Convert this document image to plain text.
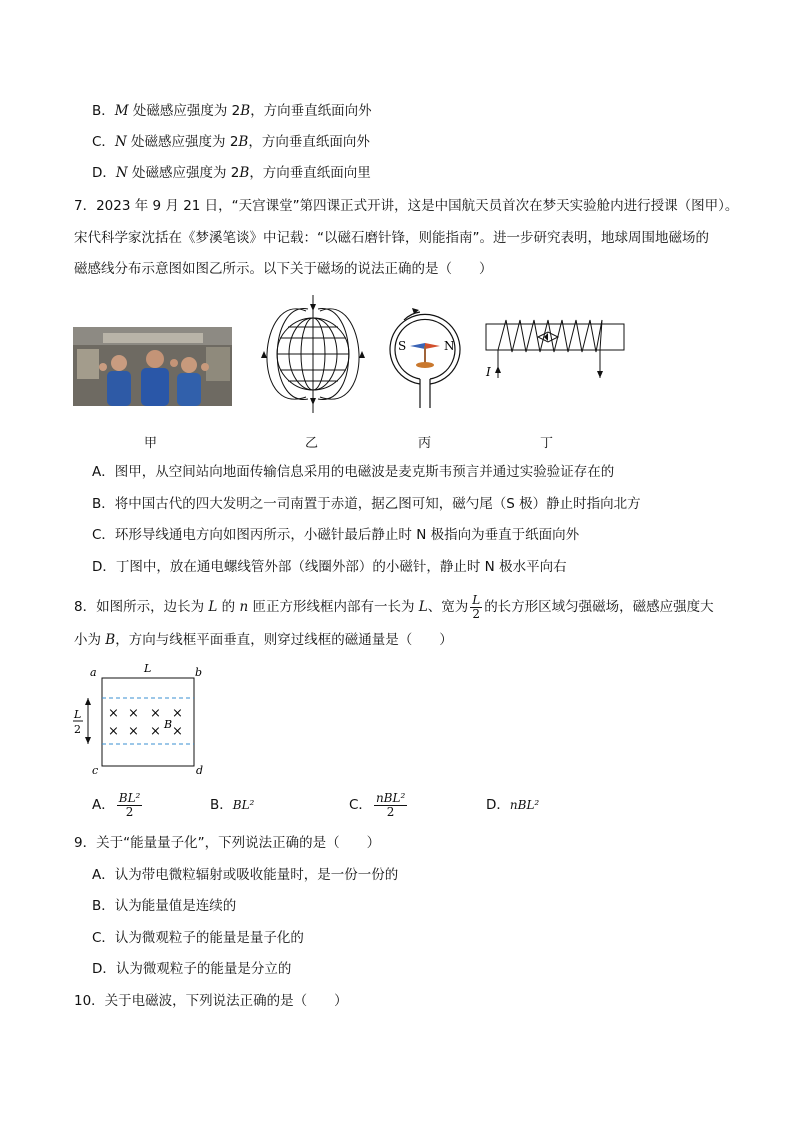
B．M 处磁感应强度为 2B，方向垂直纸面向外
C．N 处磁感应强度为 2B，方向垂直纸面向外
D．N 处磁感应强度为 2B，方向垂直纸面向里
7．2023 年 9 月 21 日，“天宫课堂”第四课正式开讲，这是中国航天员首次在梦天实验舱内进行授课（图甲）。
宋代科学家沈括在《梦溪笔谈》中记载：“以磁石磨针锋，则能指南”。进一步研究表明，地球周围地磁场的
磁感线分布示意图如图乙所示。以下关于磁场的说法正确的是（　　）
S	N
I
甲	乙	丙	丁
A．图甲，从空间站向地面传输信息采用的电磁波是麦克斯韦预言并通过实验验证存在的
B．将中国古代的四大发明之一司南置于赤道，据乙图可知，磁勺尾（S 极）静止时指向北方
C．环形导线通电方向如图丙所示，小磁针最后静止时 N 极指向为垂直于纸面向外
D．丁图中，放在通电螺线管外部（线圈外部）的小磁针，静止时 N 极水平向右
8．如图所示，边长为 L 的 n 匝正方形线框内部有一长为 L、宽为 $\frac{L}{2}$ 的长方形区域匀强磁场，磁感应强度大
小为 B，方向与线框平面垂直，则穿过线框的磁通量是（　　）
a	b
c	d
L
L
2
× × × ×
× × × ×
B
A． $\frac{\text{BL²}}{2}$	B．BL²	C． $\frac{\text{nBL²}}{2}$	D．nBL²
9．关于“能量量子化”，下列说法正确的是（　　）
A．认为带电微粒辐射或吸收能量时，是一份一份的
B．认为能量值是连续的
C．认为微观粒子的能量是量子化的
D．认为微观粒子的能量是分立的
10．关于电磁波，下列说法正确的是（　　）
